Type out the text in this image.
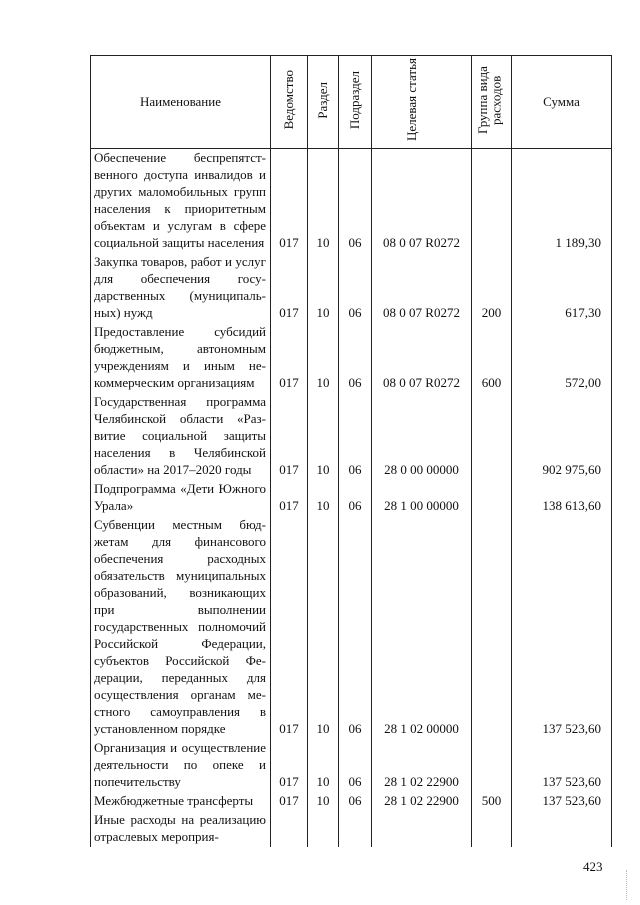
Наименование	Ведомство	Раздел	Подраздел	Целевая статья	Группа вида расходов	Сумма
Обеспечение беспрепятственного доступа инвалидов и других маломобильных групп населения к приоритетным объектам и услугам в сфере социальной защиты населения	017	10	06	08 0 07 R0272		1 189,30
Закупка товаров, работ и услуг для обеспечения государственных (муниципальных) нужд	017	10	06	08 0 07 R0272	200	617,30
Предоставление субсидий бюджетным, автономным учреждениям и иным некоммерческим организациям	017	10	06	08 0 07 R0272	600	572,00
Государственная программа Челябинской области «Развитие социальной защиты населения в Челябинской области» на 2017–2020 годы	017	10	06	28 0 00 00000		902 975,60
Подпрограмма «Дети Южного Урала»	017	10	06	28 1 00 00000		138 613,60
Субвенции местным бюджетам для финансового обеспечения расходных обязательств муниципальных образований, возникающих при выполнении государственных полномочий Российской Федерации, субъектов Российской Федерации, переданных для осуществления органам местного самоуправления в установленном порядке	017	10	06	28 1 02 00000		137 523,60
Организация и осуществление деятельности по опеке и попечительству	017	10	06	28 1 02 22900		137 523,60
Межбюджетные трансферты	017	10	06	28 1 02 22900	500	137 523,60
Иные расходы на реализацию отраслевых мероприя-						
423
